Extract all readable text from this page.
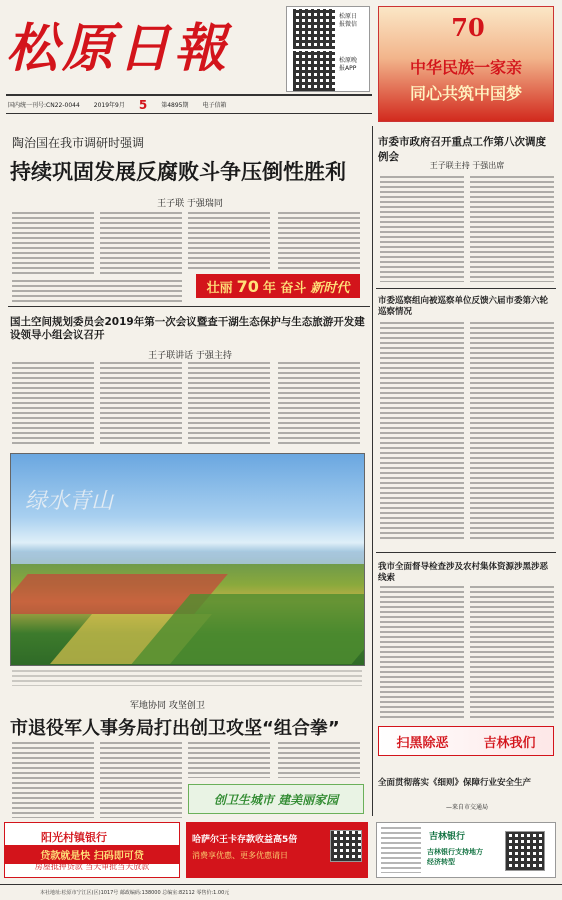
松原日報
松原日报微信
松原晚报APP
70
中华民族一家亲
同心共筑中国梦
国内统一刊号:CN22-0044 2019年9月 5 第4895期 电子信箱
陶治国在我市调研时强调
持续巩固发展反腐败斗争压倒性胜利
王子联 于强瑞同
壮丽 70 年 奋斗 新时代
国土空间规划委员会2019年第一次会议暨查干湖生态保护与生态旅游开发建设领导小组会议召开
王子联讲话 于强主持
绿水青山
军地协同 攻坚创卫
市退役军人事务局打出创卫攻坚“组合拳”
创卫生城市 建美丽家园
市委市政府召开重点工作第八次调度例会
王子联主持 于强出席
市委巡察组向被巡察单位反馈六届市委第六轮巡察情况
我市全面督导检查涉及农村集体资源涉黑涉恶线索
扫黑除恶	吉林我们
全面贯彻落实《细则》保障行业安全生产
—来自市交通局
阳光村镇银行
贷款就是快 扫码即可贷
房屋抵押贷款 当天审批当天放款
哈萨尔王卡存款收益高5倍
消费享优惠、更多优惠请日
吉林银行
吉林银行支持地方经济转型
本社地址:松原市宁江区(区)1017号 邮政编码:138000 总编室:82112 零售价:1.00元
